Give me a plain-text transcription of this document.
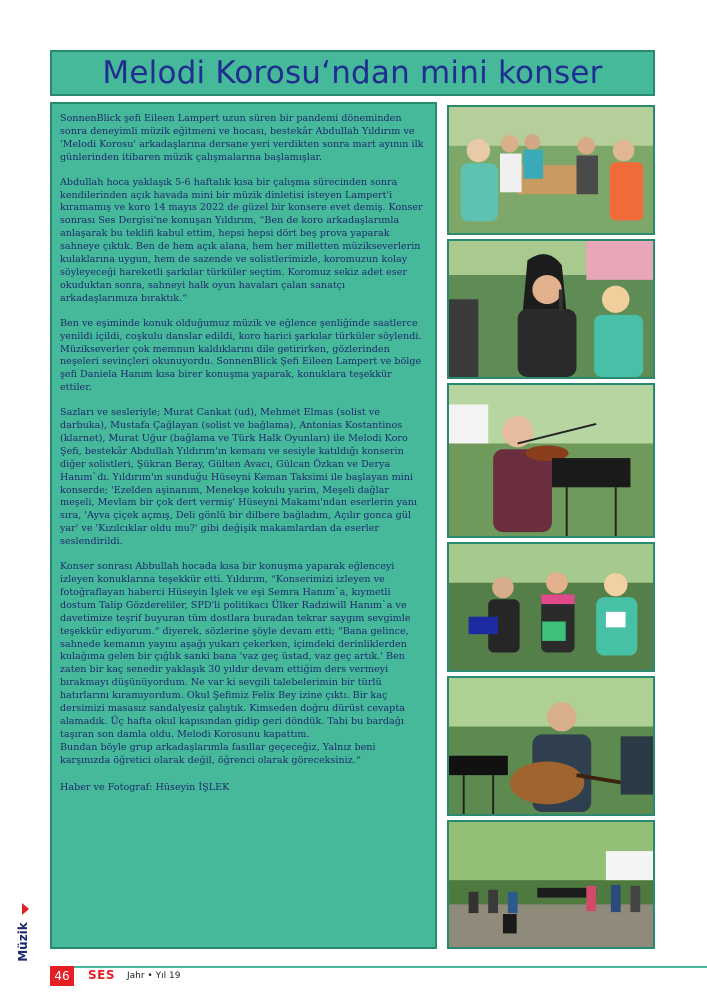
Melodi Korosu‘ndan mini konser

SonnenBlick şefi Eileen Lampert uzun süren bir pandemi döneminden sonra deneyimli müzik eğitmeni ve hocası, bestekâr Abdullah Yıldırım ve 'Melodi Korosu' arkadaşlarına dersane yeri verdikten sonra mart ayının ilk günlerinden itibaren müzik çalışmalarına başlamışlar.

Abdullah hoca yaklaşık 5-6 haftalık kısa bir çalışma sürecinden sonra kendilerinden açık havada mini bir müzik dinletisi isteyen Lampert'i kıramamış ve koro 14 mayıs 2022 de güzel bir konsere evet demiş. Konser sonrası Ses Dergisi'ne konuşan Yıldırım, “Ben de koro arkadaşlarımla anlaşarak bu teklifi kabul ettim, hepsi hepsi dört beş prova yaparak sahneye çıktık. Ben de hem açık alana, hem her milletten müzikseverlerin kulaklarına uygun, hem de sazende ve solistlerimizle, koromuzun kolay söyleyeceği hareketli şarkılar türküler seçtim. Koromuz sekiz adet eser okuduktan sonra, sahneyi halk oyun havaları çalan sanatçı arkadaşlarımıza bıraktık.“

Ben ve eşiminde konuk olduğumuz müzik ve eğlence şenliğinde saatlerce yenildi içildi, coşkulu danslar edildi, koro harici şarkılar türküler söylendi. Müzikseverler çok memnun kaldıklarını dile getirirken, gözlerinden neşeleri sevinçleri okunuyordu. SonnenBlick Şefi Eileen Lampert ve bölge şefi Daniela Hanım kısa birer konuşma yaparak, konuklara teşekkür ettiler.

Sazları ve sesleriyle; Murat Cankat (ud), Mehmet Elmas (solist ve darbuka), Mustafa Çağlayan (solist ve bağlama), Antonias Kostantinos (klarnet), Murat Uğur (bağlama ve Türk Halk Oyunları) ile Melodi Koro Şefi, bestekâr Abdullah Yıldırım'ın kemanı ve sesiyle katıldığı konserin diğer solistleri, Şükran Beray, Gülten Avacı, Gülcan Özkan ve Derya Hanım`dı. Yıldırım'ın sunduğu Hüseyni Keman Taksimi ile başlayan mini konserde; 'Ezelden aşinanım, Menekşe kokulu yarim, Meşeli dağlar meşeli, Mevlam bir çok dert vermiş' Hüseyni Makamı'ndan eserlerin yanı sıra, 'Ayva çiçek açmış, Deli gönlü bir dilbere bağladım, Açılır gonca gül yar' ve 'Kızılcıklar oldu mu?' gibi değişik makamlardan da eserler seslendirildi.

Konser sonrası Abbullah hocada kısa bir konuşma yaparak eğlenceyi izleyen konuklarına teşekkür etti. Yıldırım, “Konserimizi izleyen ve fotoğraflayan haberci Hüseyin İşlek ve eşi Semra Hanım`a, kıymetli dostum Talip Gözdereliler, SPD'li politikacı Ülker Radziwill Hanım`a ve davetimize teşrif buyuran tüm dostlara buradan tekrar saygım sevgimle teşekkür ediyorum.“ diyerek, sözlerine şöyle devam etti; “Bana gelince, sahnede kemanın yayını aşağı yukarı çekerken, içimdeki derinliklerden kulağıma gelen bir çığlık sanki bana 'vaz geç üstad, vaz geç artık.' Ben zaten bir kaç senedir yaklaşık 30 yıldır devam ettiğim ders vermeyi bırakmayı düşünüyordum. Ne var ki sevgili talebelerimin bir türlü hatırlarını kıramıyordum. Okul Şefimiz Felix Bey izine çıktı. Bir kaç dersimizi masasız sandalyesiz çalıştık. Kimseden doğru dürüst cevapta alamadık. Üç hafta okul kapısından gidip geri döndük. Tabi bu bardağı taşıran son damla oldu. Melodi Korosunu kapattım.
Bundan böyle grup arkadaşlarımla fasıllar geçeceğiz, Yalnız beni karşınızda öğretici olarak değil, öğrenci olarak göreceksiniz.“

Haber ve Fotograf: Hüseyin İŞLEK

Müzik
46	SES Jahr • Yıl 19
